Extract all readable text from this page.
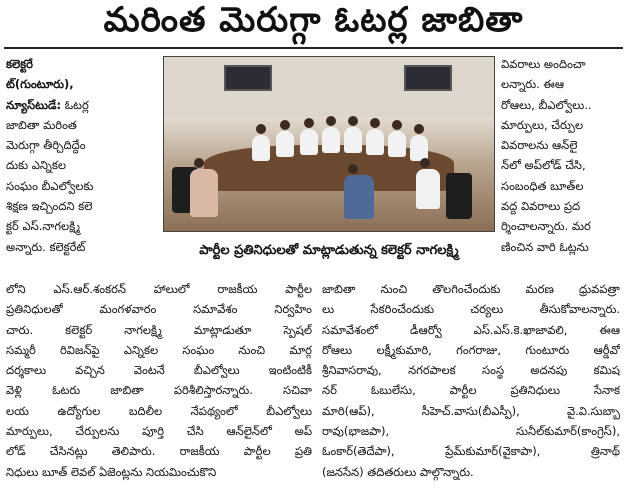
మరింత మెరుగ్గా ఓటర్ల జాబితా
కలెక్టరే
ట్(గుంటూరు),
న్యూస్‌టుడే: ఓటర్ల
జాబితా మరింత
మెరుగ్గా తీర్చిదిద్దేం
దుకు ఎన్నికల
సంఘం బీఎల్వోలకు
శిక్షణ ఇచ్చిందని కలె
క్టర్ ఎస్.నాగలక్ష్మి
అన్నారు. కలెక్టరేట్	పార్టీల ప్రతినిధులతో మాట్లాడుతున్న కలెక్టర్ నాగలక్ష్మి
వివరాలు అందించా
లన్నారు. ఈఆ
రోఆలు, బీఎల్వోలు..
మార్పులు, చేర్పుల
వివరాలను ఆన్‌లై
న్‌లో అప్‌లోడ్ చేసి,
సంబంధిత బూత్‌ల
వద్ద వివరాలు ప్రద
ర్శించాలన్నారు. మర
ణించిన వారి ఓట్లను
లోని ఎస్.ఆర్.శంకరన్ హాలులో రాజకీయ పార్టీల
ప్రతినిధులతో మంగళవారం సమావేశం నిర్వహిం
చారు. కలెక్టర్ నాగలక్ష్మి మాట్లాడుతూ స్పెషల్
సమ్మరీ రివిజన్‌పై ఎన్నికల సంఘం నుంచి మార్గ
దర్శకాలు వచ్చిన వెంటనే బీఎల్వోలు ఇంటింటికీ
వెళ్లి ఓటరు జాబితా పరిశీలిస్తారన్నారు. సచివా
లయ ఉద్యోగుల బదిలీల నేపథ్యంలో బీఎల్వోలు
మార్పులు, చేర్పులను పూర్తి చేసి ఆన్‌లైన్‌లో అప్
లోడ్ చేసినట్లు తెలిపారు. రాజకీయ పార్టీల ప్రతి
నిధులు బూత్ లెవల్ ఏజెంట్లను నియమించుకొని
జాబితా నుంచి తొలగించేందుకు మరణ ధ్రువపత్రా
లు సేకరించేందుకు చర్యలు తీసుకోవాలన్నారు.
సమావేశంలో డీఆర్వో ఎస్.ఎస్.కె.ఖాజావలి, ఈఆ
రోఆలు లక్ష్మీకుమారి, గంగరాజు, గుంటూరు ఆర్డీవో
శ్రీనివాసరావు, నగరపాలక సంస్థ అదనపు కమిష
నర్ ఓబులేసు, పార్టీల ప్రతినిధులు సేనాక
మారి(ఆప్), సీహెచ్.వాసు(బీఎస్పీ), వై.వి.సుబ్బా
రావు(భాజపా), సునీల్‌కుమార్(కాంగ్రెస్),
ఓంకార్(తెదేపా), ప్రేమ్‌కుమార్(వైకాపా), త్రినాథ్
(జనసేన) తదితరులు పాల్గొన్నారు.
